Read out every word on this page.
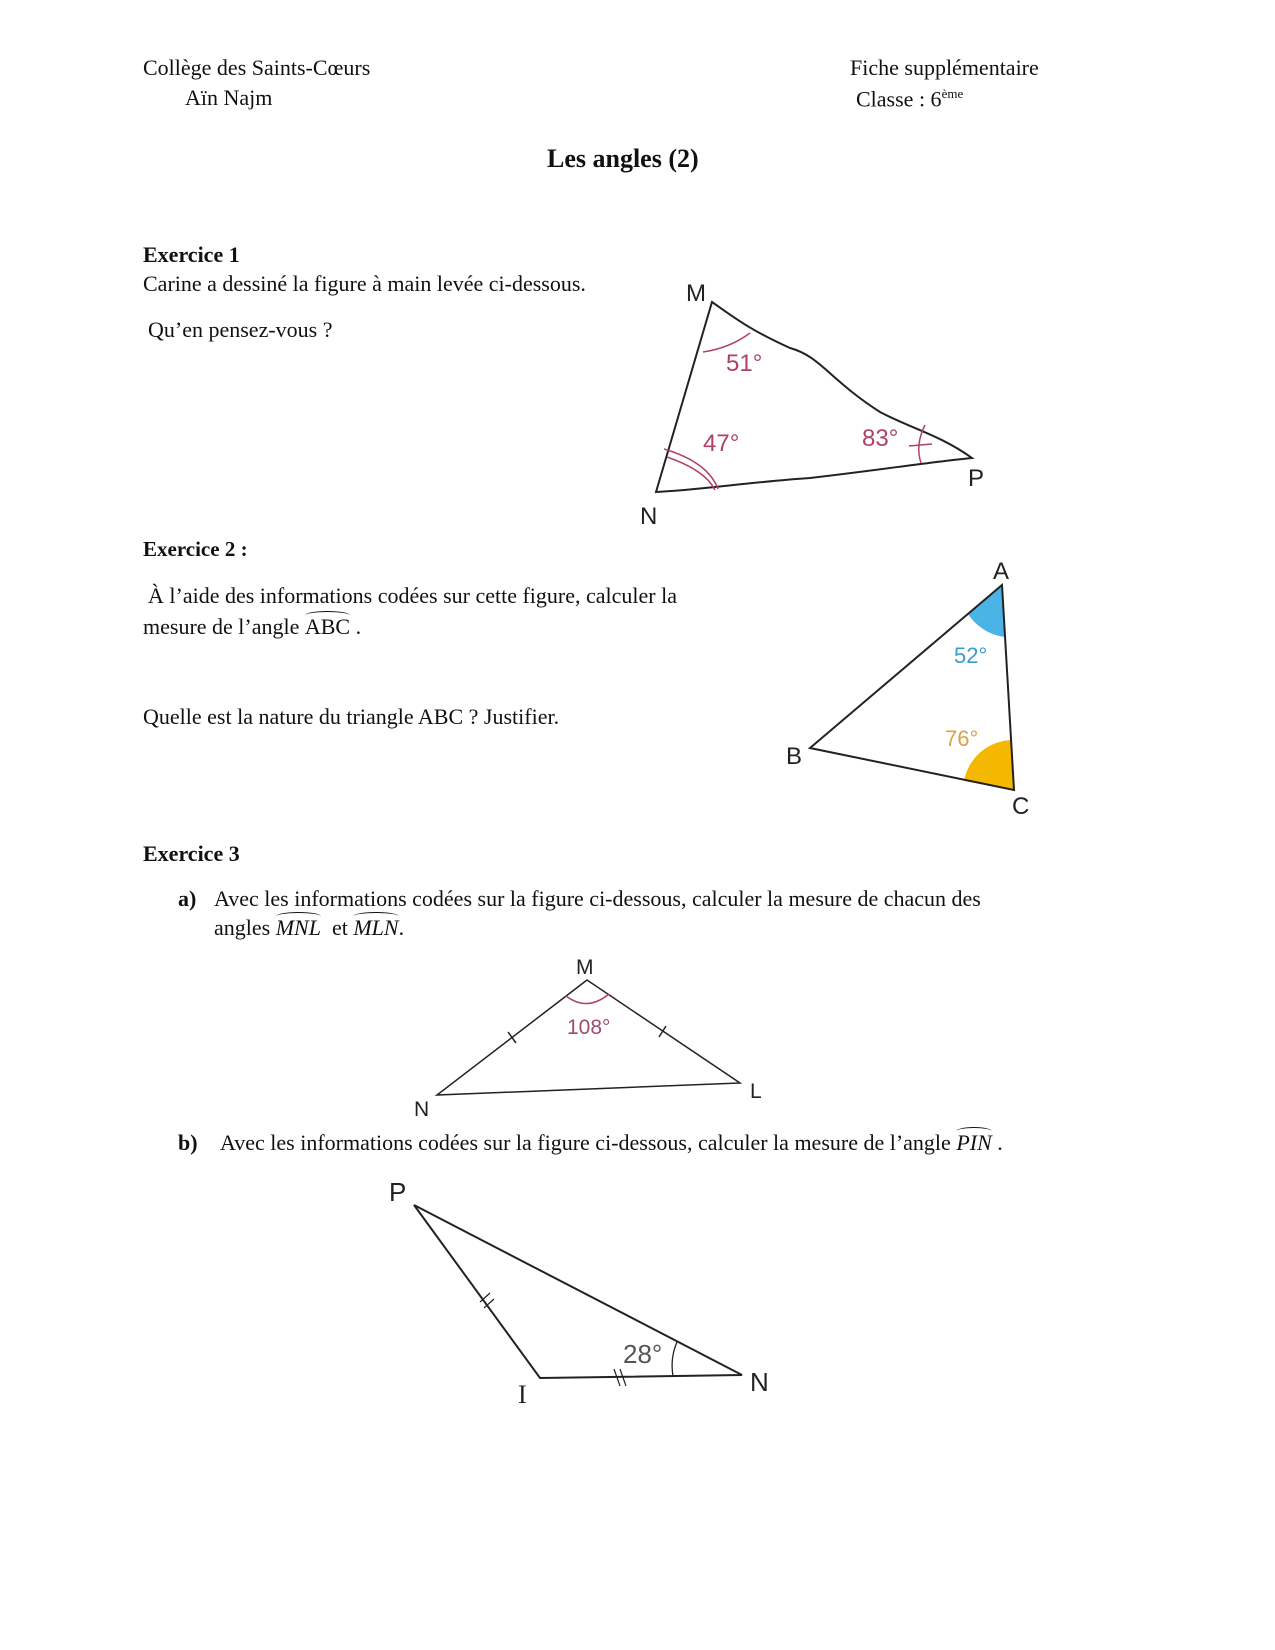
Collège des Saints-Cœurs
Aïn Najm
Fiche supplémentaire
Classe : 6ème
Les angles (2)
Exercice 1
Carine a dessiné la figure à main levée ci-dessous.
Qu’en pensez-vous ?
Exercice 2 :
À l’aide des informations codées sur cette figure, calculer la
mesure de l’angle ABC .
Quelle est la nature du triangle ABC ? Justifier.
Exercice 3
a) Avec les informations codées sur la figure ci-dessous, calculer la mesure de chacun des
angles MNL  et MLN.
b) Avec les informations codées sur la figure ci-dessous, calculer la mesure de l’angle PIN .
M
N
P
51°
47°	83°
A
B
C
52°
76°
M
N
L
108°
P
I	N
28°
